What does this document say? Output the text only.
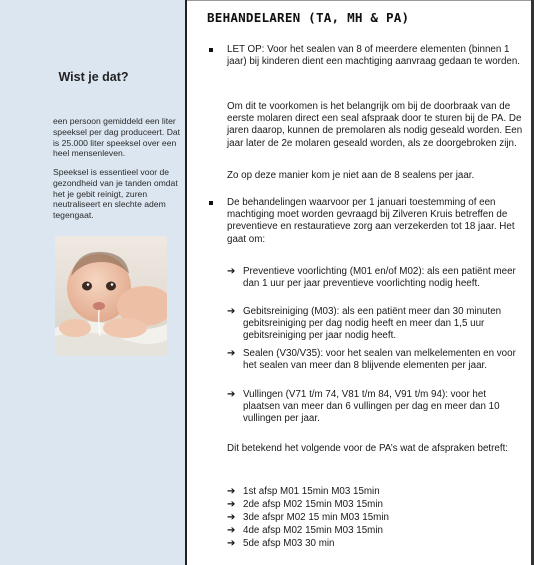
Wist je dat?

een persoon gemiddeld een liter speeksel per dag produceert. Dat is 25.000 liter speeksel over een heel mensenleven.

Speeksel is essentieel voor de gezondheid van je tanden omdat het je gebit reinigt, zuren neutraliseert en slechte adem tegengaat.

BEHANDELAREN (TA, MH & PA)

LET OP: Voor het sealen van 8 of meerdere elementen (binnen 1 jaar) bij kinderen dient een machtiging aanvraag gedaan te worden.

Om dit te voorkomen is het belangrijk om bij de doorbraak van de eerste molaren direct een seal afspraak door te sturen bij de PA. De jaren daarop, kunnen de premolaren als nodig geseald worden. Een jaar later de 2e molaren geseald worden, als ze doorgebroken zijn.

Zo op deze manier kom je niet aan de 8 sealens per jaar.

De behandelingen waarvoor per 1 januari toestemming of een machtiging moet worden gevraagd bij Zilveren Kruis betreffen de preventieve en restauratieve zorg aan verzekerden tot 18 jaar. Het gaat om:

➔ Preventieve voorlichting (M01 en/of M02): als een patiënt meer dan 1 uur per jaar preventieve voorlichting nodig heeft.

➔ Gebitsreiniging (M03): als een patiënt meer dan 30 minuten gebitsreiniging per dag nodig heeft en meer dan 1,5 uur gebitsreiniging per jaar nodig heeft.

➔ Sealen (V30/V35): voor het sealen van melkelementen en voor het sealen van meer dan 8 blijvende elementen per jaar.

➔ Vullingen (V71 t/m 74, V81 t/m 84, V91 t/m 94): voor het plaatsen van meer dan 6 vullingen per dag en meer dan 10 vullingen per jaar.

Dit betekend het volgende voor de PA’s wat de afspraken betreft:

➔ 1st afsp M01 15min M03 15min

➔ 2de afsp M02 15min M03 15min

➔ 3de afspr M02 15 min M03 15min

➔ 4de afsp M02 15min M03 15min

➔ 5de afsp M03 30 min
